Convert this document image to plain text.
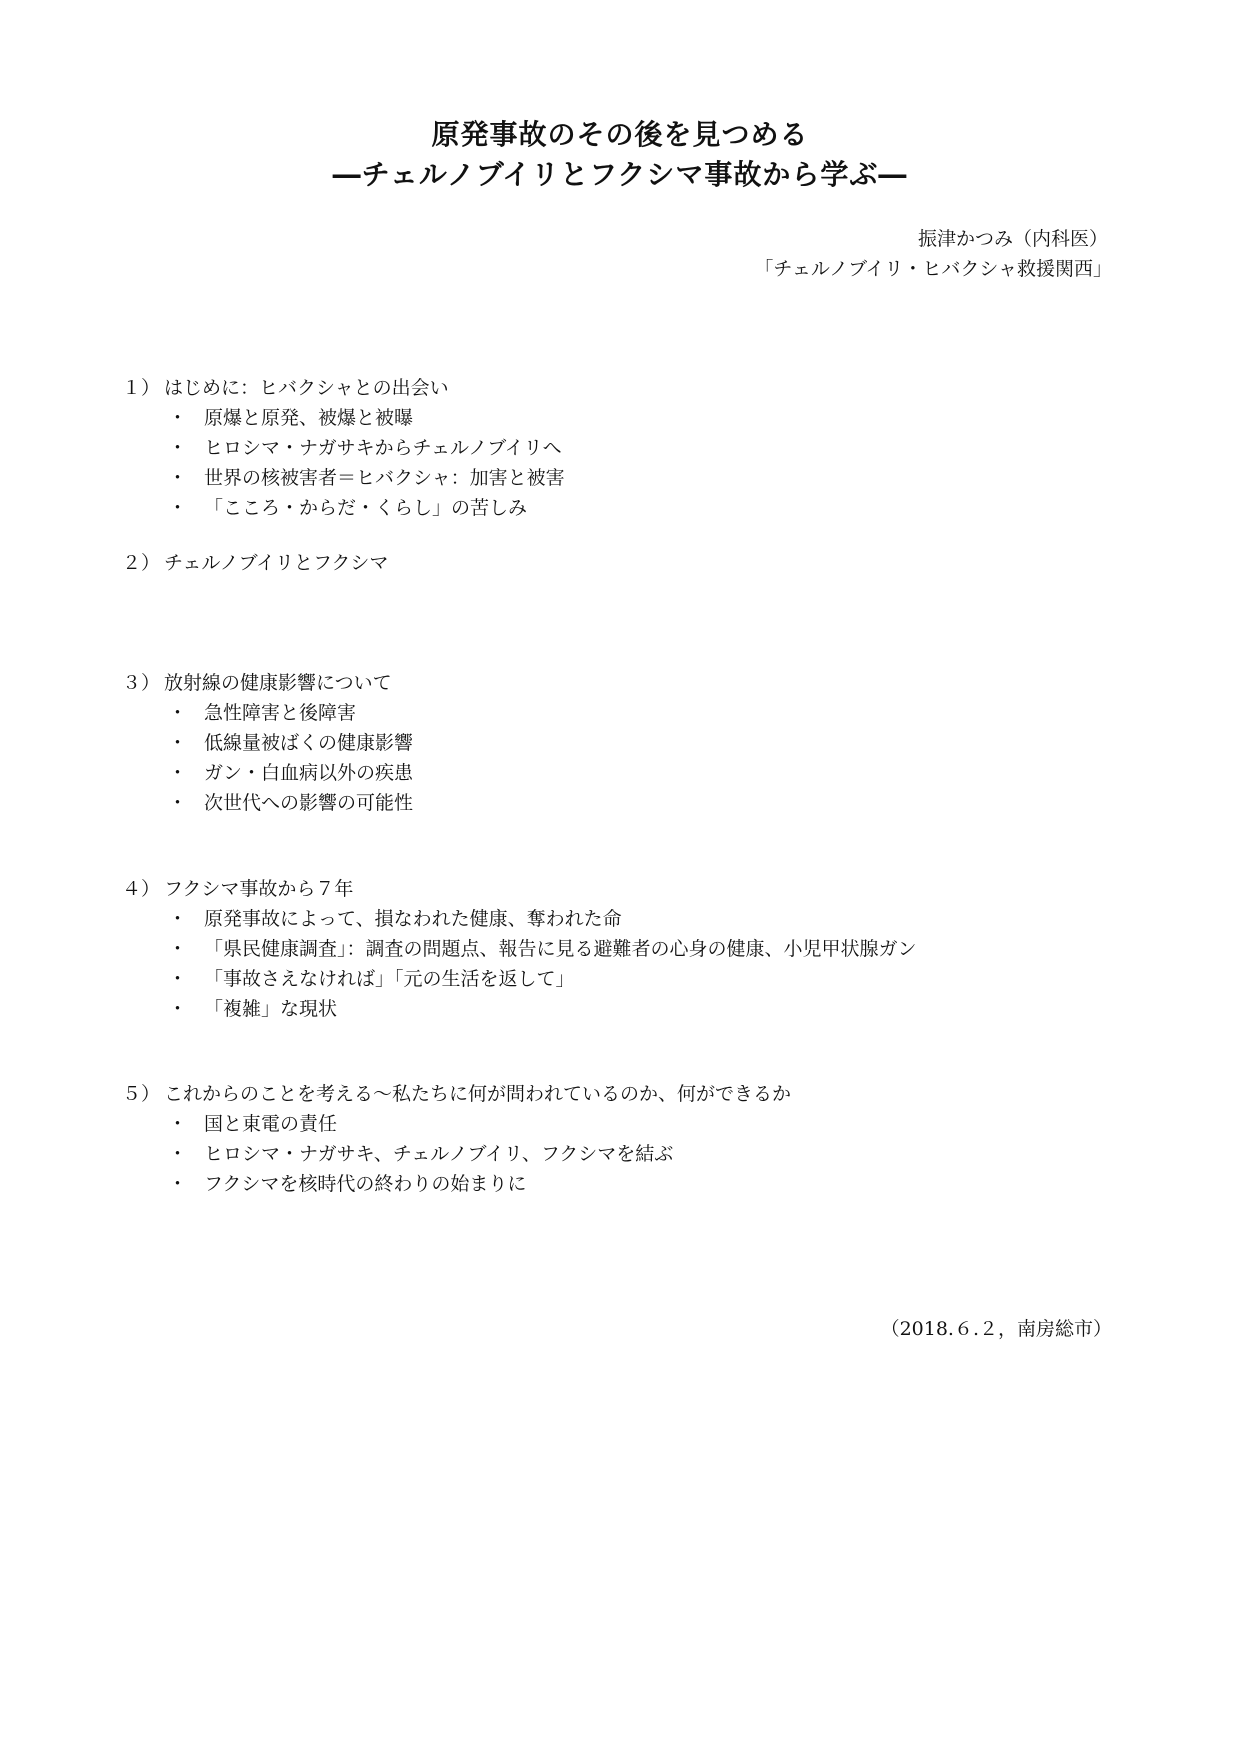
原発事故のその後を見つめる
―チェルノブイリとフクシマ事故から学ぶ―
振津かつみ（内科医）
「チェルノブイリ・ヒバクシャ救援関西」
１） はじめに：ヒバクシャとの出会い
・ 原爆と原発、被爆と被曝
・ ヒロシマ・ナガサキからチェルノブイリへ
・ 世界の核被害者＝ヒバクシャ：加害と被害
・ 「こころ・からだ・くらし」の苦しみ
２） チェルノブイリとフクシマ
３） 放射線の健康影響について
・ 急性障害と後障害
・ 低線量被ばくの健康影響
・ ガン・白血病以外の疾患
・ 次世代への影響の可能性
４） フクシマ事故から７年
・ 原発事故によって、損なわれた健康、奪われた命
・ 「県民健康調査」：調査の問題点、報告に見る避難者の心身の健康、小児甲状腺ガン
・ 「事故さえなければ」「元の生活を返して」
・ 「複雑」な現状
５） これからのことを考える～私たちに何が問われているのか、何ができるか
・ 国と東電の責任
・ ヒロシマ・ナガサキ、チェルノブイリ、フクシマを結ぶ
・ フクシマを核時代の終わりの始まりに
（2018.６.２，南房総市）
